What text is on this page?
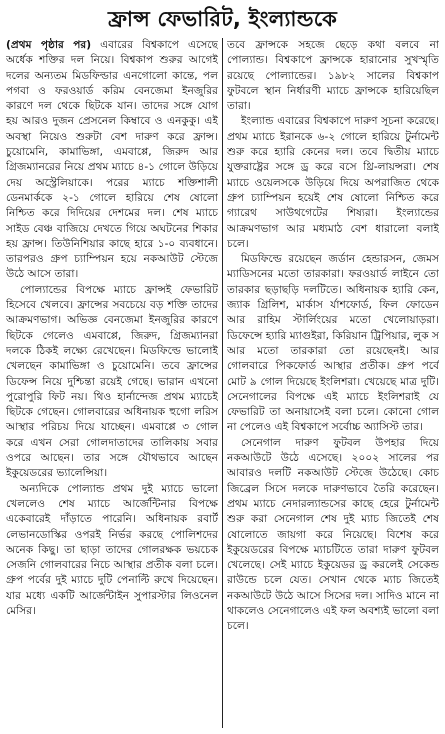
ফ্রান্স ফেভারিট, ইংল্যান্ডকে

(প্রথম পৃষ্ঠার পর) এবারের বিশ্বকাপে এসেছে অর্ধেক শক্তির দল নিয়ে। বিশ্বকাপ শুরুর আগেই দলের অন্যতম মিডফিল্ডার এনগোলো কান্তে, পল পগবা ও ফরওয়ার্ড করিম বেনজেমা ইনজুরির কারণে দল থেকে ছিটকে যান। তাদের সঙ্গে যোগ হয় আরও দুজন প্রেসনেল কিম্বাবে ও এনকুকু। এই অবস্থা নিয়েও শুরুটা বেশ দারুণ করে ফ্রান্স। চুয়োমেনি, কামাভিঙ্গা, এমবাপ্পে, জিরুদ আর গ্রিজম্যানরের নিয়ে প্রথম ম্যাচে ৪-১ গোলে উড়িয়ে দেয় অস্ট্রেলিয়াকে। পরের ম্যাচে শক্তিশালী ডেনমার্ককে ২-১ গোলে হারিয়ে শেষ ষোলো নিশ্চিত করে দিদিয়ের দেশমের দল। শেষ ম্যাচে সাইড বেঞ্চ বাজিয়ে দেখতে গিয়ে অঘটনের শিকার হয় ফ্রান্স। তিউনিশিয়ার কাছে হারে ১-০ ব্যবধানে। তারপরও গ্রুপ চ্যাম্পিয়ন হয়ে নকআউট স্টেজে উঠে আসে তারা।

পোল্যান্ডের বিপক্ষে ম্যাচে ফ্রান্সই ফেভারিট হিসেবে খেলবে। ফ্রান্সের সবচেয়ে বড় শক্তি তাদের আক্রমণভাগ। অভিজ্ঞ বেনজেমা ইনজুরির কারণে ছিটকে গেলেও এমবাপ্পে, জিরুদ, গ্রিজম্যানরা দলকে ঠিকই লক্ষ্যে রেখেছেন। মিডফিল্ডে ভালোই খেলছেন কামাভিঙ্গা ও চুয়োমেনি। তবে ফ্রান্সের ডিফেন্স নিয়ে দুশ্চিন্তা রয়েই গেছে। ভারান এখনো পুরোপুরি ফিট নয়। থিও হার্নান্দেজ প্রথম ম্যাচেই ছিটকে গেছেন। গোলবারের অধিনায়ক হুগো লরিস আস্থার পরিচয় দিয়ে যাচ্ছেন। এমবাপ্পে ৩ গোল করে এখন সেরা গোলদাতাদের তালিকায় সবার ওপরে আছেন। তার সঙ্গে যৌথভাবে আছেন ইকুয়েডরের ভ্যালেন্সিয়া।

অন্যদিকে পোল্যান্ড প্রথম দুই ম্যাচে ভালো খেললেও শেষ ম্যাচে আর্জেন্টিনার বিপক্ষে একেবারেই দাঁড়াতে পারেনি। অধিনায়ক রবার্ট লেভানডোস্কির ওপরই নির্ভর করছে পোলিশদের অনেক কিছু। তা ছাড়া তাদের গোলরক্ষক ভয়চেক সেজনি গোলবারের নিচে আস্থার প্রতীক বলা চলে। গ্রুপ পর্বের দুই ম্যাচে দুটি পেনাল্টি রুখে দিয়েছেন। যার মধ্যে একটি আর্জেন্টাইন সুপারস্টার লিওনেল মেসির।

তবে ফ্রান্সকে সহজে ছেড়ে কথা বলবে না পোল্যান্ড। বিশ্বকাপে ফ্রান্সকে হারানোর সুখস্মৃতি রয়েছে পোল্যান্ডের। ১৯৮২ সালের বিশ্বকাপ ফুটবলে স্থান নির্ধারণী ম্যাচে ফ্রান্সকে হারিয়েছিল তারা।

ইংল্যান্ড এবারের বিশ্বকাপে দারুণ সূচনা করেছে। প্রথম ম্যাচে ইরানকে ৬-২ গোলে হারিয়ে টুর্নামেন্ট শুরু করে হ্যারি কেনের দল। তবে দ্বিতীয় ম্যাচে যুক্তরাষ্ট্রের সঙ্গে ড্র করে বসে থ্রি-লায়ন্সরা। শেষ ম্যাচে ওয়েলসকে উড়িয়ে দিয়ে অপরাজিত থেকে গ্রুপ চ্যাম্পিয়ন হয়েই শেষ ষোলো নিশ্চিত করে গ্যারেথ সাউথগেটের শিষ্যরা। ইংল্যান্ডের আক্রমণভাগ আর মধ্যমাঠ বেশ ধারালো বলাই চলে।

মিডফিল্ডে রয়েছেন জর্ডান হেন্ডারসন, জেমস ম্যাডিসনের মতো তারকারা। ফরওয়ার্ড লাইনে তো তারকার ছড়াছড়ি দলটিতে। অধিনায়ক হ্যারি কেন, জ্যাক গ্রিলিশ, মার্কাস র্যাশফোর্ড, ফিল ফোডেন আর রাহিম স্টার্লিংয়ের মতো খেলোয়াড়রা। ডিফেন্সে হ্যারি ম্যাগুইরা, কিরিয়ান ট্রিপিয়ার, লুক স আর মতো তারকারা তো রয়েছেনই। আর গোলবারে পিকফোর্ড আস্থার প্রতীক। গ্রুপ পর্বে মোট ৯ গোল দিয়েছে ইংলিশরা। খেয়েছে মাত্র দুটি। সেনেগালের বিপক্ষে এই ম্যাচে ইংলিশরাই যে ফেভারিট তা অনায়াসেই বলা চলে। কোনো গোল না পেলেও এই বিশ্বকাপে সর্বোচ্চ অ্যাসিস্ট তার।

সেনেগাল দারুণ ফুটবল উপহার দিয়ে নকআউটে উঠে এসেছে। ২০০২ সালের পর আবারও দলটি নকআউট স্টেজে উঠেছে। কোচ জিব্রেল সিসে দলকে দারুণভাবে তৈরি করেছেন। প্রথম ম্যাচে নেদারল্যান্ডসের কাছে হেরে টুর্নামেন্ট শুরু করা সেনেগাল শেষ দুই ম্যাচ জিতেই শেষ ষোলোতে জায়গা করে নিয়েছে। বিশেষ করে ইকুয়েডরের বিপক্ষে ম্যাচটিতে তারা দারুণ ফুটবল খেলেছে। সেই ম্যাচে ইকুয়েডর ড্র করলেই সেকেন্ড রাউন্ডে চলে যেত। সেখান থেকে ম্যাচ জিতেই নকআউটে উঠে আসে সিসের দল। সাদিও মানে না থাকলেও সেনেগালেও এই ফল অবশ্যই ভালো বলা চলে।
